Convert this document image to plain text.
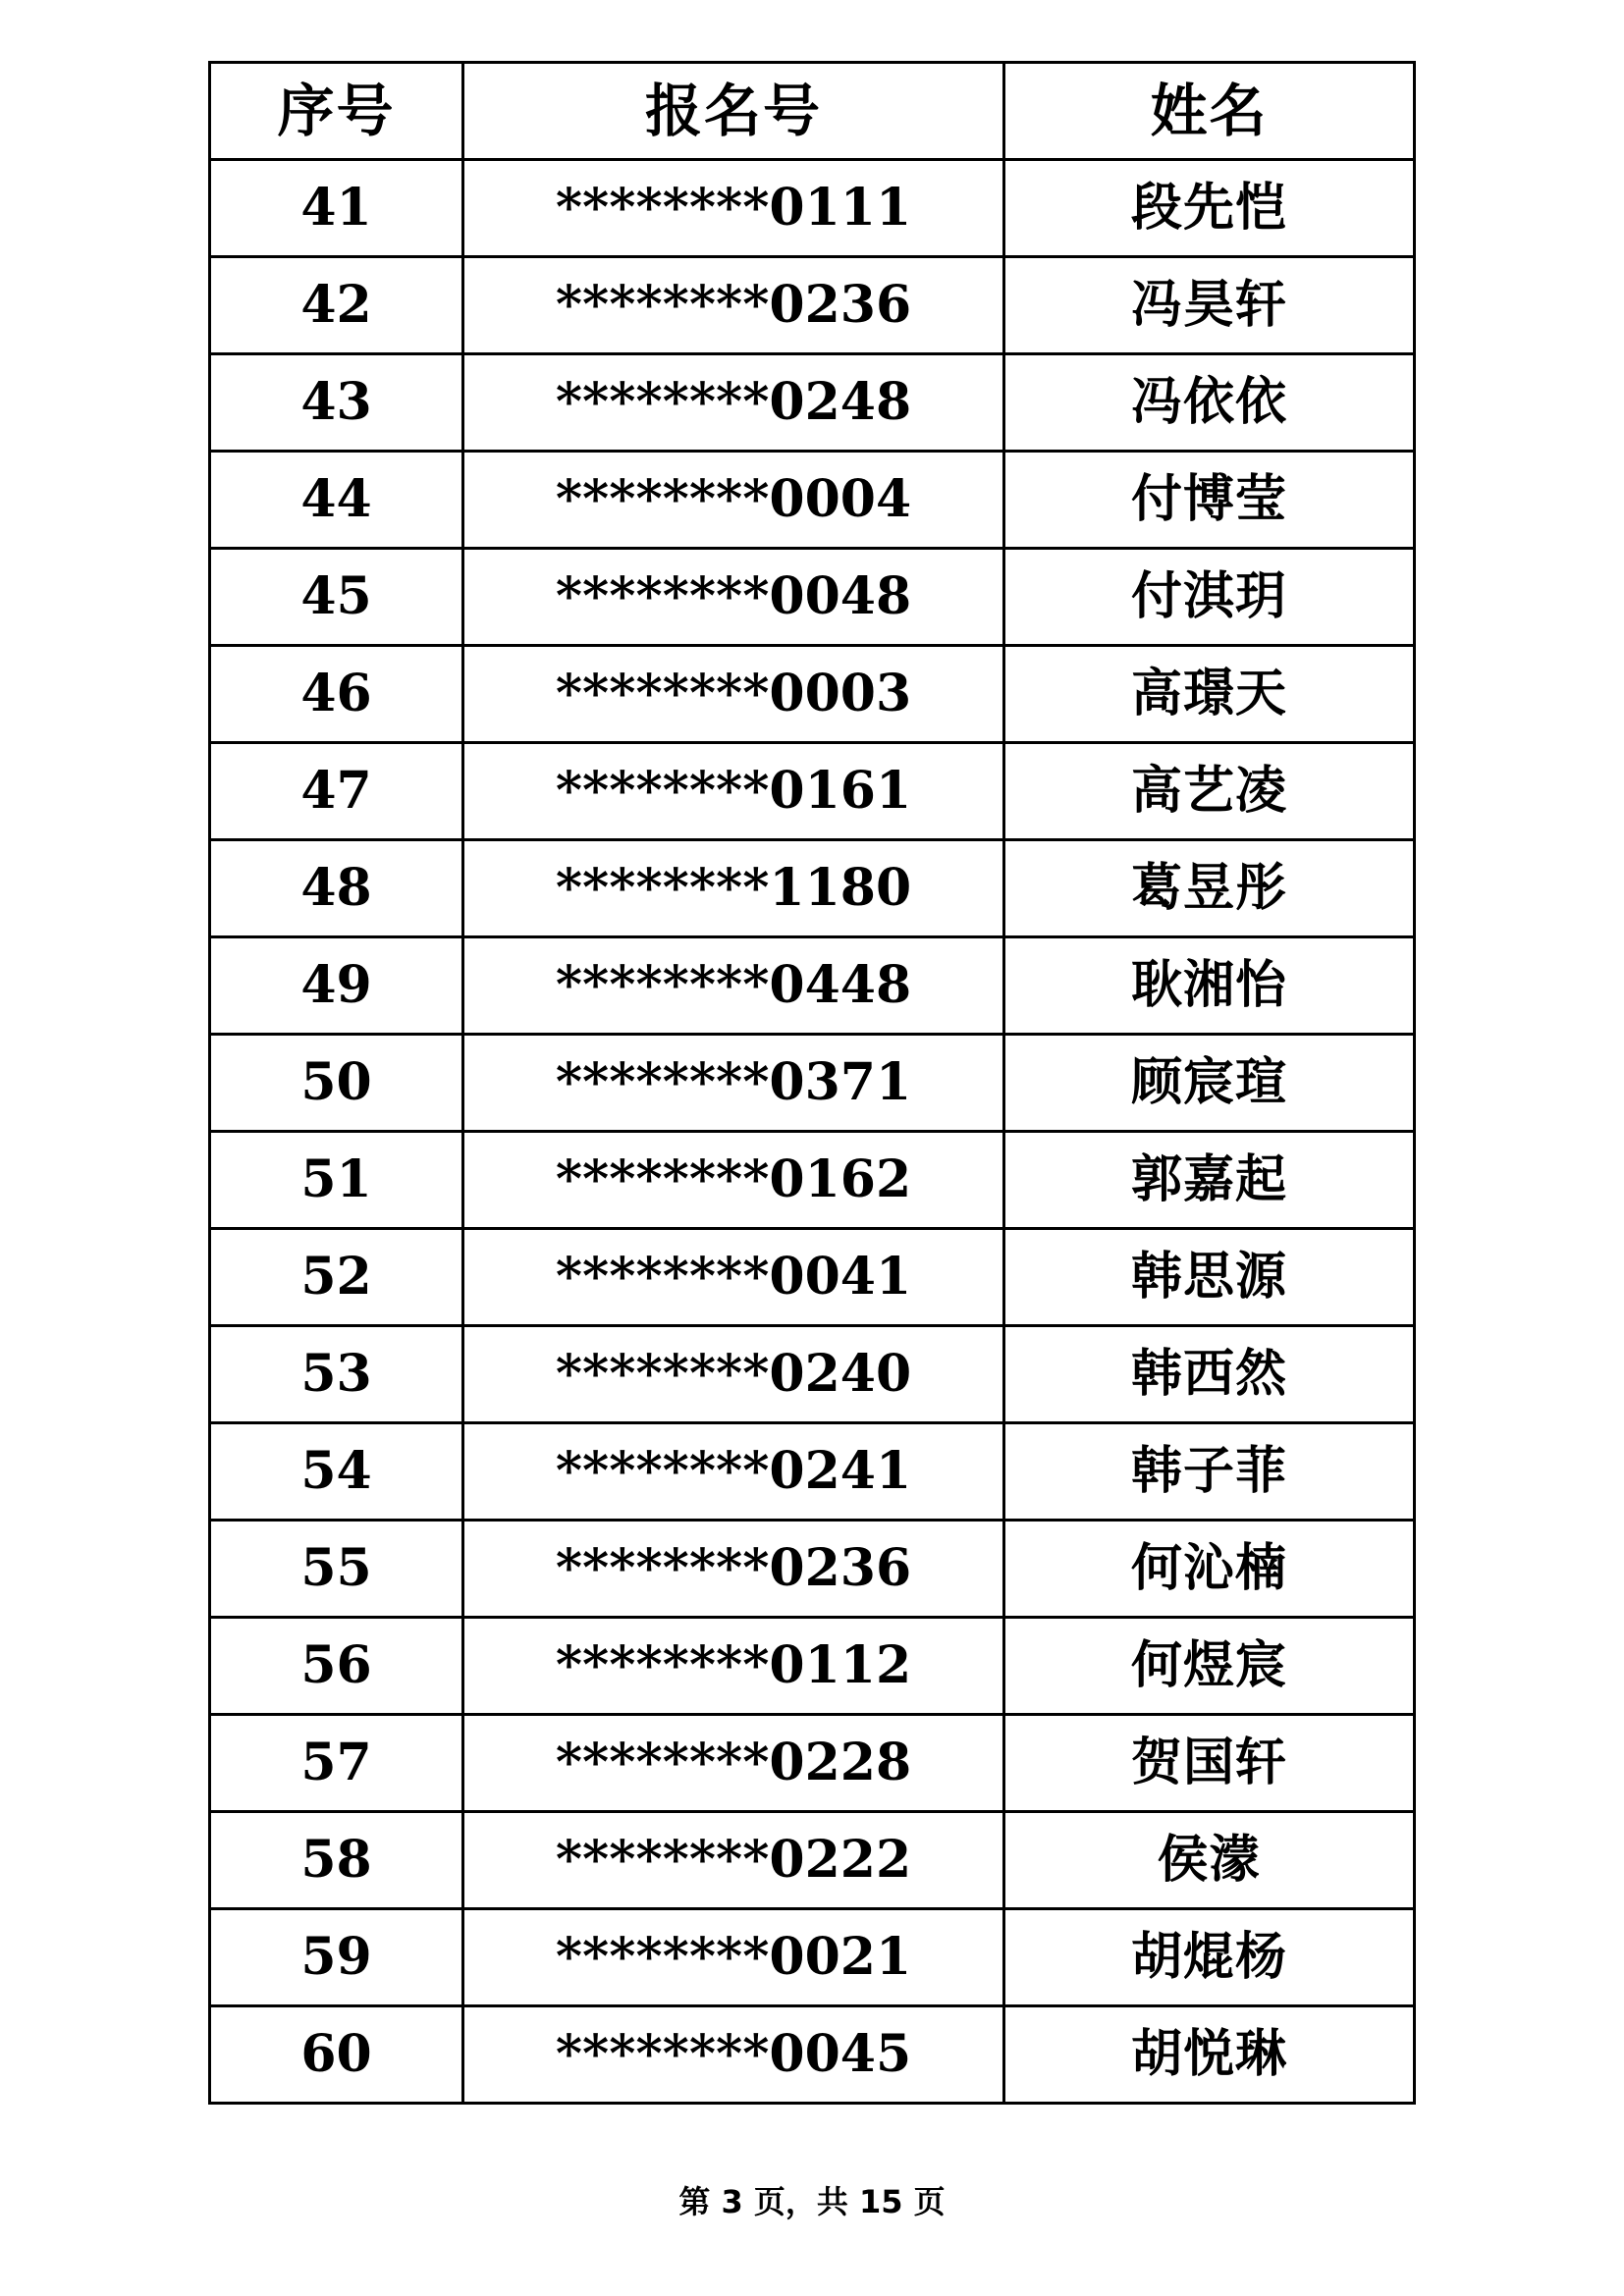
序号	报名号	姓名
41	********0111	段先恺
42	********0236	冯昊轩
43	********0248	冯依依
44	********0004	付博莹
45	********0048	付淇玥
46	********0003	高璟天
47	********0161	高艺凌
48	********1180	葛昱彤
49	********0448	耿湘怡
50	********0371	顾宸瑄
51	********0162	郭嘉起
52	********0041	韩思源
53	********0240	韩西然
54	********0241	韩子菲
55	********0236	何沁楠
56	********0112	何煜宸
57	********0228	贺国轩
58	********0222	侯濛
59	********0021	胡焜杨
60	********0045	胡悦琳
第 3 页，共 15 页
